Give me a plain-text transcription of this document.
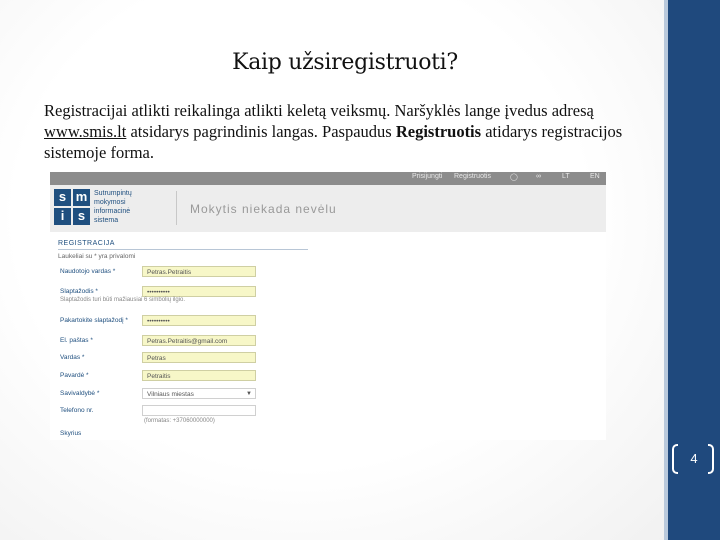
Kaip užsiregistruoti?
Registracijai atlikti reikalinga atlikti keletą veiksmų. Naršyklės lange įvedus adresą www.smis.lt atsidarys pagrindinis langas. Paspaudus Registruotis atidarys registracijos sistemoje forma.
Prisijungti Registruotis	◯	∞	LT	EN
s m
i	s
Sutrumpintų
mokymosi
informacinė
sistema
Mokytis niekada nevėlu
REGISTRACIJA
Laukeliai su * yra privalomi
Naudotojo vardas *	Petras.Petraitis
Slaptažodis *	••••••••••
Slaptažodis turi būti mažiausiai 6 simbolių ilgio.
Pakartokite slaptažodį *	••••••••••
El. paštas *	Petras.Petraitis@gmail.com
Vardas *	Petras
Pavardė *	Petraitis
Savivaldybė *	Vilniaus miestas	▼
Telefono nr.
(formatas: +37060000000)
Skyrius
4
